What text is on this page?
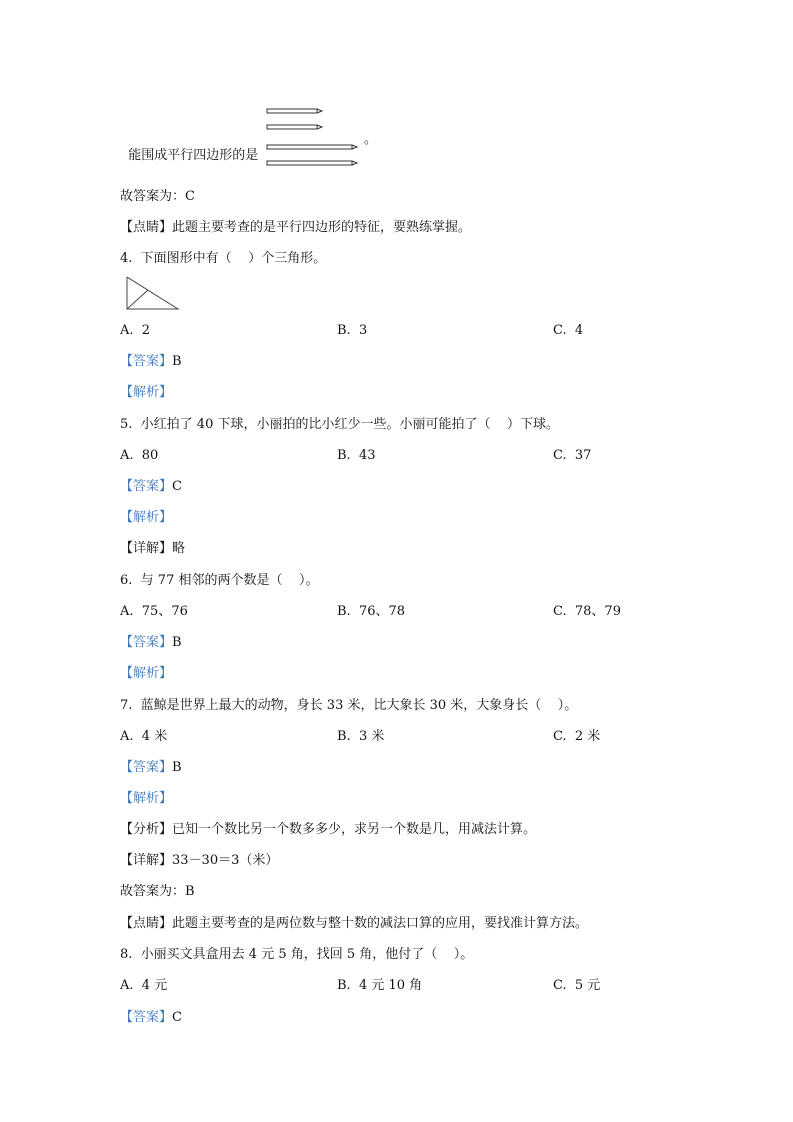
能围成平行四边形的是

。
故答案为：C
【点睛】此题主要考查的是平行四边形的特征，要熟练掌握。
4.  下面图形中有（    ）个三角形。
A.  2	B.  3	C.  4
【答案】B
【解析】
5.  小红拍了 40 下球，小丽拍的比小红少一些。小丽可能拍了（    ）下球。
A.  80	B.  43	C.  37
【答案】C
【解析】
【详解】略
6.  与 77 相邻的两个数是（    ）。
A.  75、76	B.  76、78	C.  78、79
【答案】B
【解析】
7.  蓝鲸是世界上最大的动物，身长 33 米，比大象长 30 米，大象身长（    ）。
A.  4 米	B.  3 米	C.  2 米
【答案】B
【解析】
【分析】已知一个数比另一个数多多少，求另一个数是几，用减法计算。
【详解】33－30＝3（米）
故答案为：B
【点睛】此题主要考查的是两位数与整十数的减法口算的应用，要找准计算方法。
8.  小丽买文具盒用去 4 元 5 角，找回 5 角，他付了（    ）。
A.  4 元	B.  4 元 10 角	C.  5 元
【答案】C
